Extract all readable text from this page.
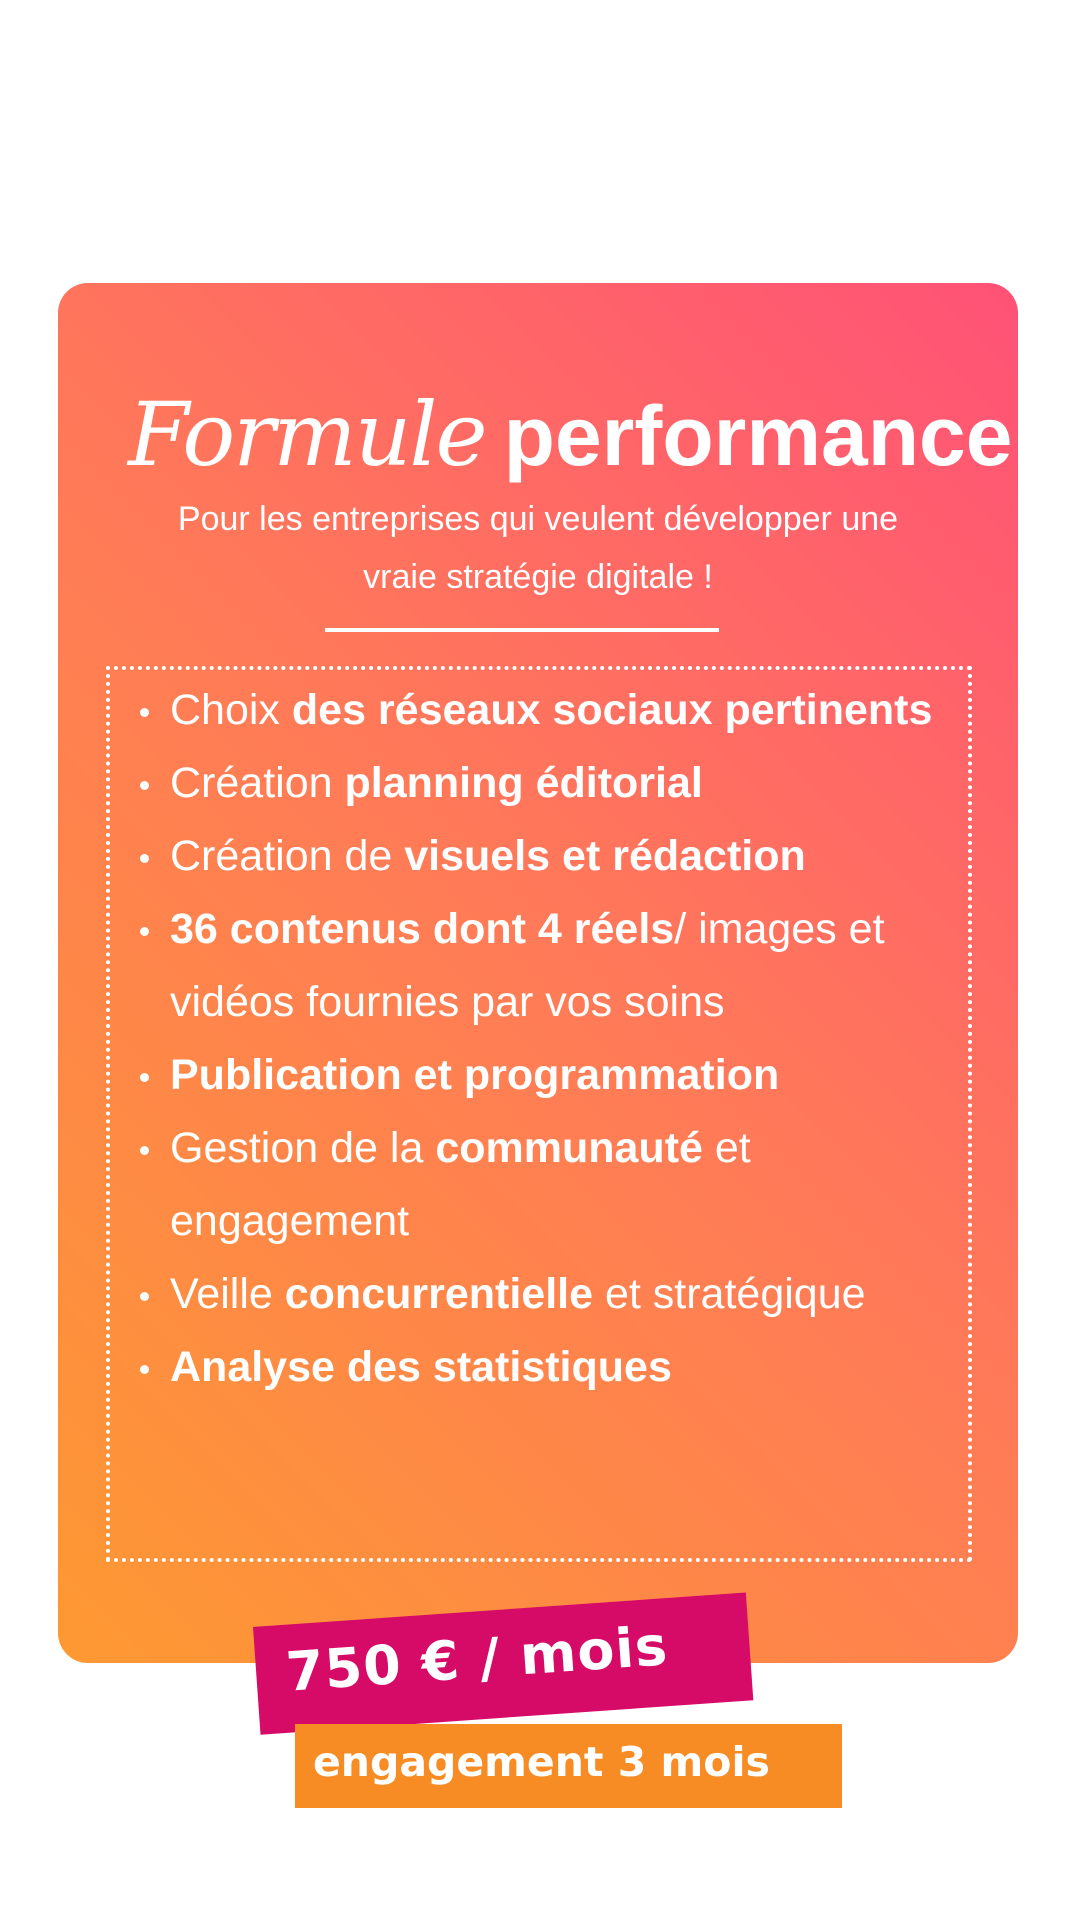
Formule performance
Pour les entreprises qui veulent développer une
vraie stratégie digitale !
Choix des réseaux sociaux pertinents
Création planning éditorial
Création de visuels et rédaction
36 contenus dont 4 réels/ images et vidéos fournies par vos soins
Publication et programmation
Gestion de la communauté et engagement
Veille concurrentielle et stratégique
Analyse des statistiques
750 € / mois
engagement 3 mois
